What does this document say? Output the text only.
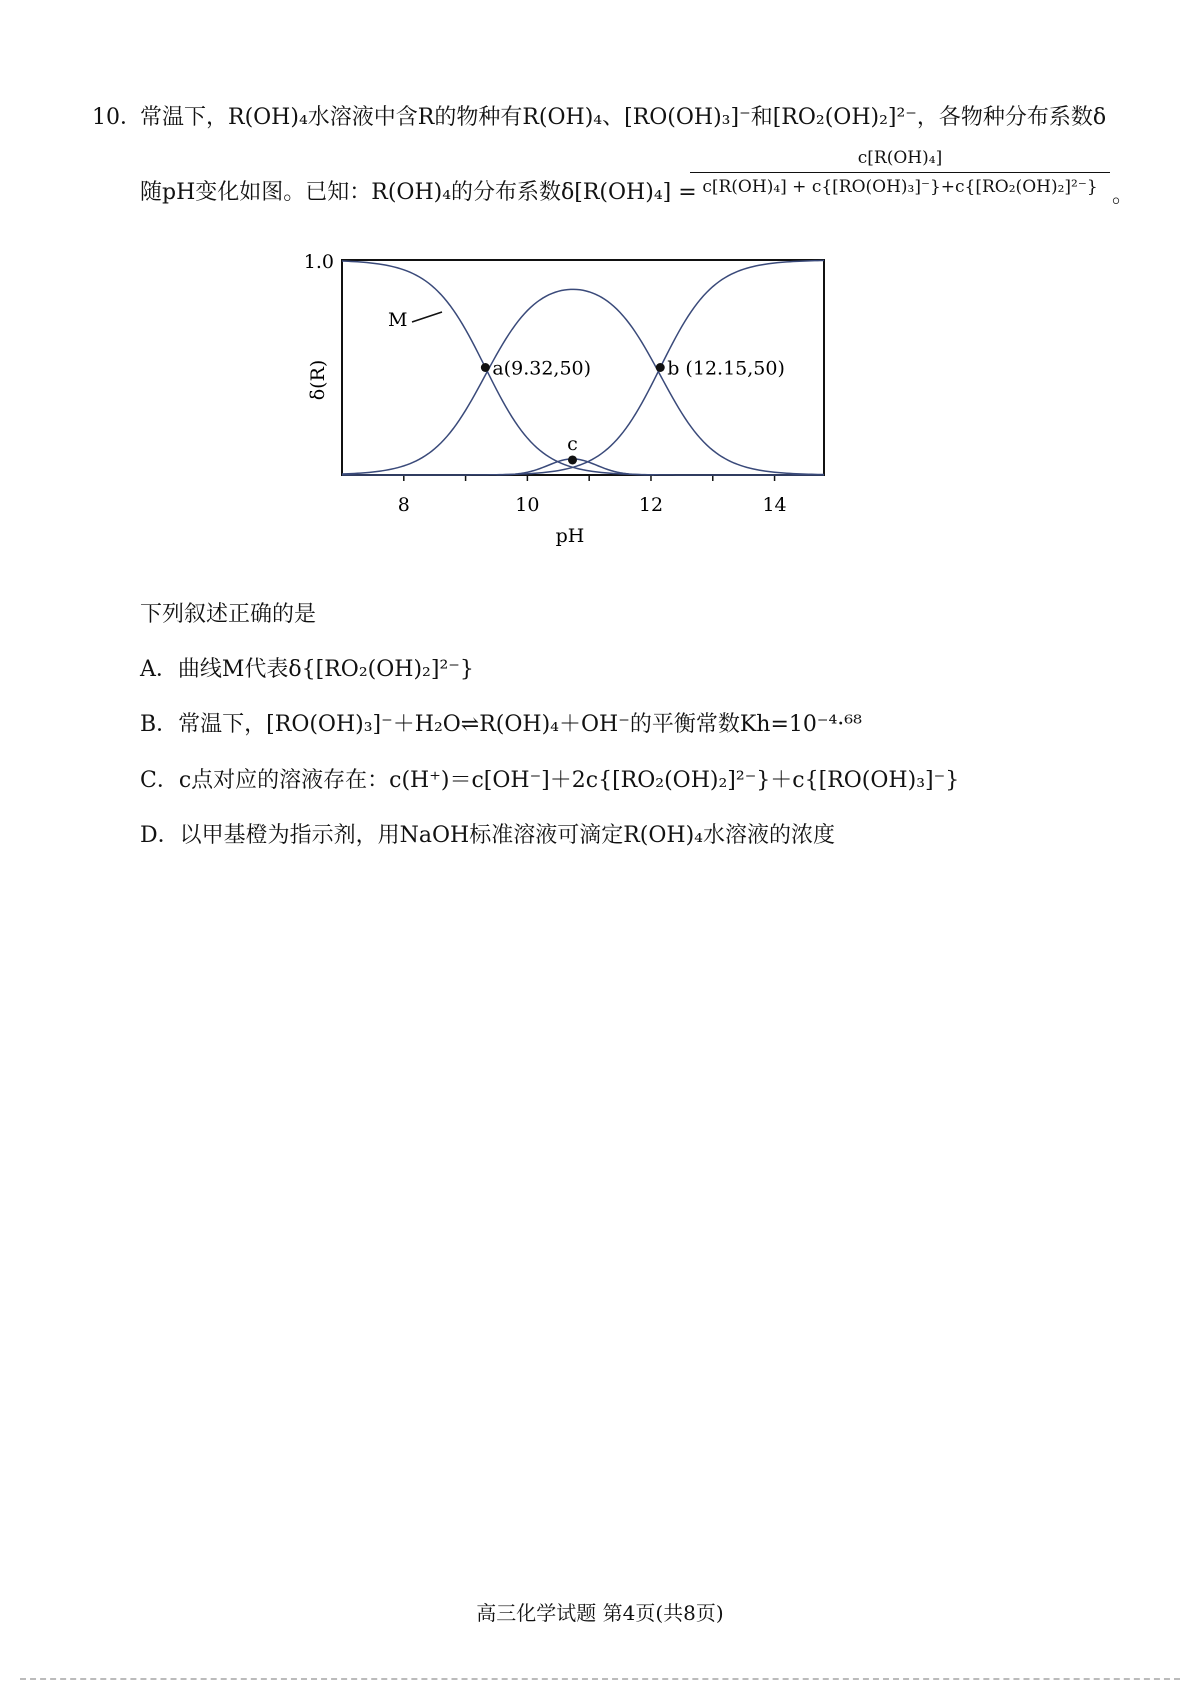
10．
常温下，R(OH)₄水溶液中含R的物种有R(OH)₄、[RO(OH)₃]⁻和[RO₂(OH)₂]²⁻，各物种分布系数δ
随pH变化如图。已知：R(OH)₄的分布系数δ[R(OH)₄] =
c[R(OH)₄]
c[R(OH)₄] + c{[RO(OH)₃]⁻}+c{[RO₂(OH)₂]²⁻} 。
8	10	12	14
1.0
δ(R)
pH
a(9.32,50)	b (12.15,50)
c
M
下列叙述正确的是
A．曲线M代表δ{[RO₂(OH)₂]²⁻}
B．常温下，[RO(OH)₃]⁻＋H₂O⇌R(OH)₄＋OH⁻的平衡常数Kh=10⁻⁴·⁶⁸
C．c点对应的溶液存在：c(H⁺)＝c[OH⁻]＋2c{[RO₂(OH)₂]²⁻}＋c{[RO(OH)₃]⁻}
D．以甲基橙为指示剂，用NaOH标准溶液可滴定R(OH)₄水溶液的浓度
高三化学试题 第4页(共8页)
